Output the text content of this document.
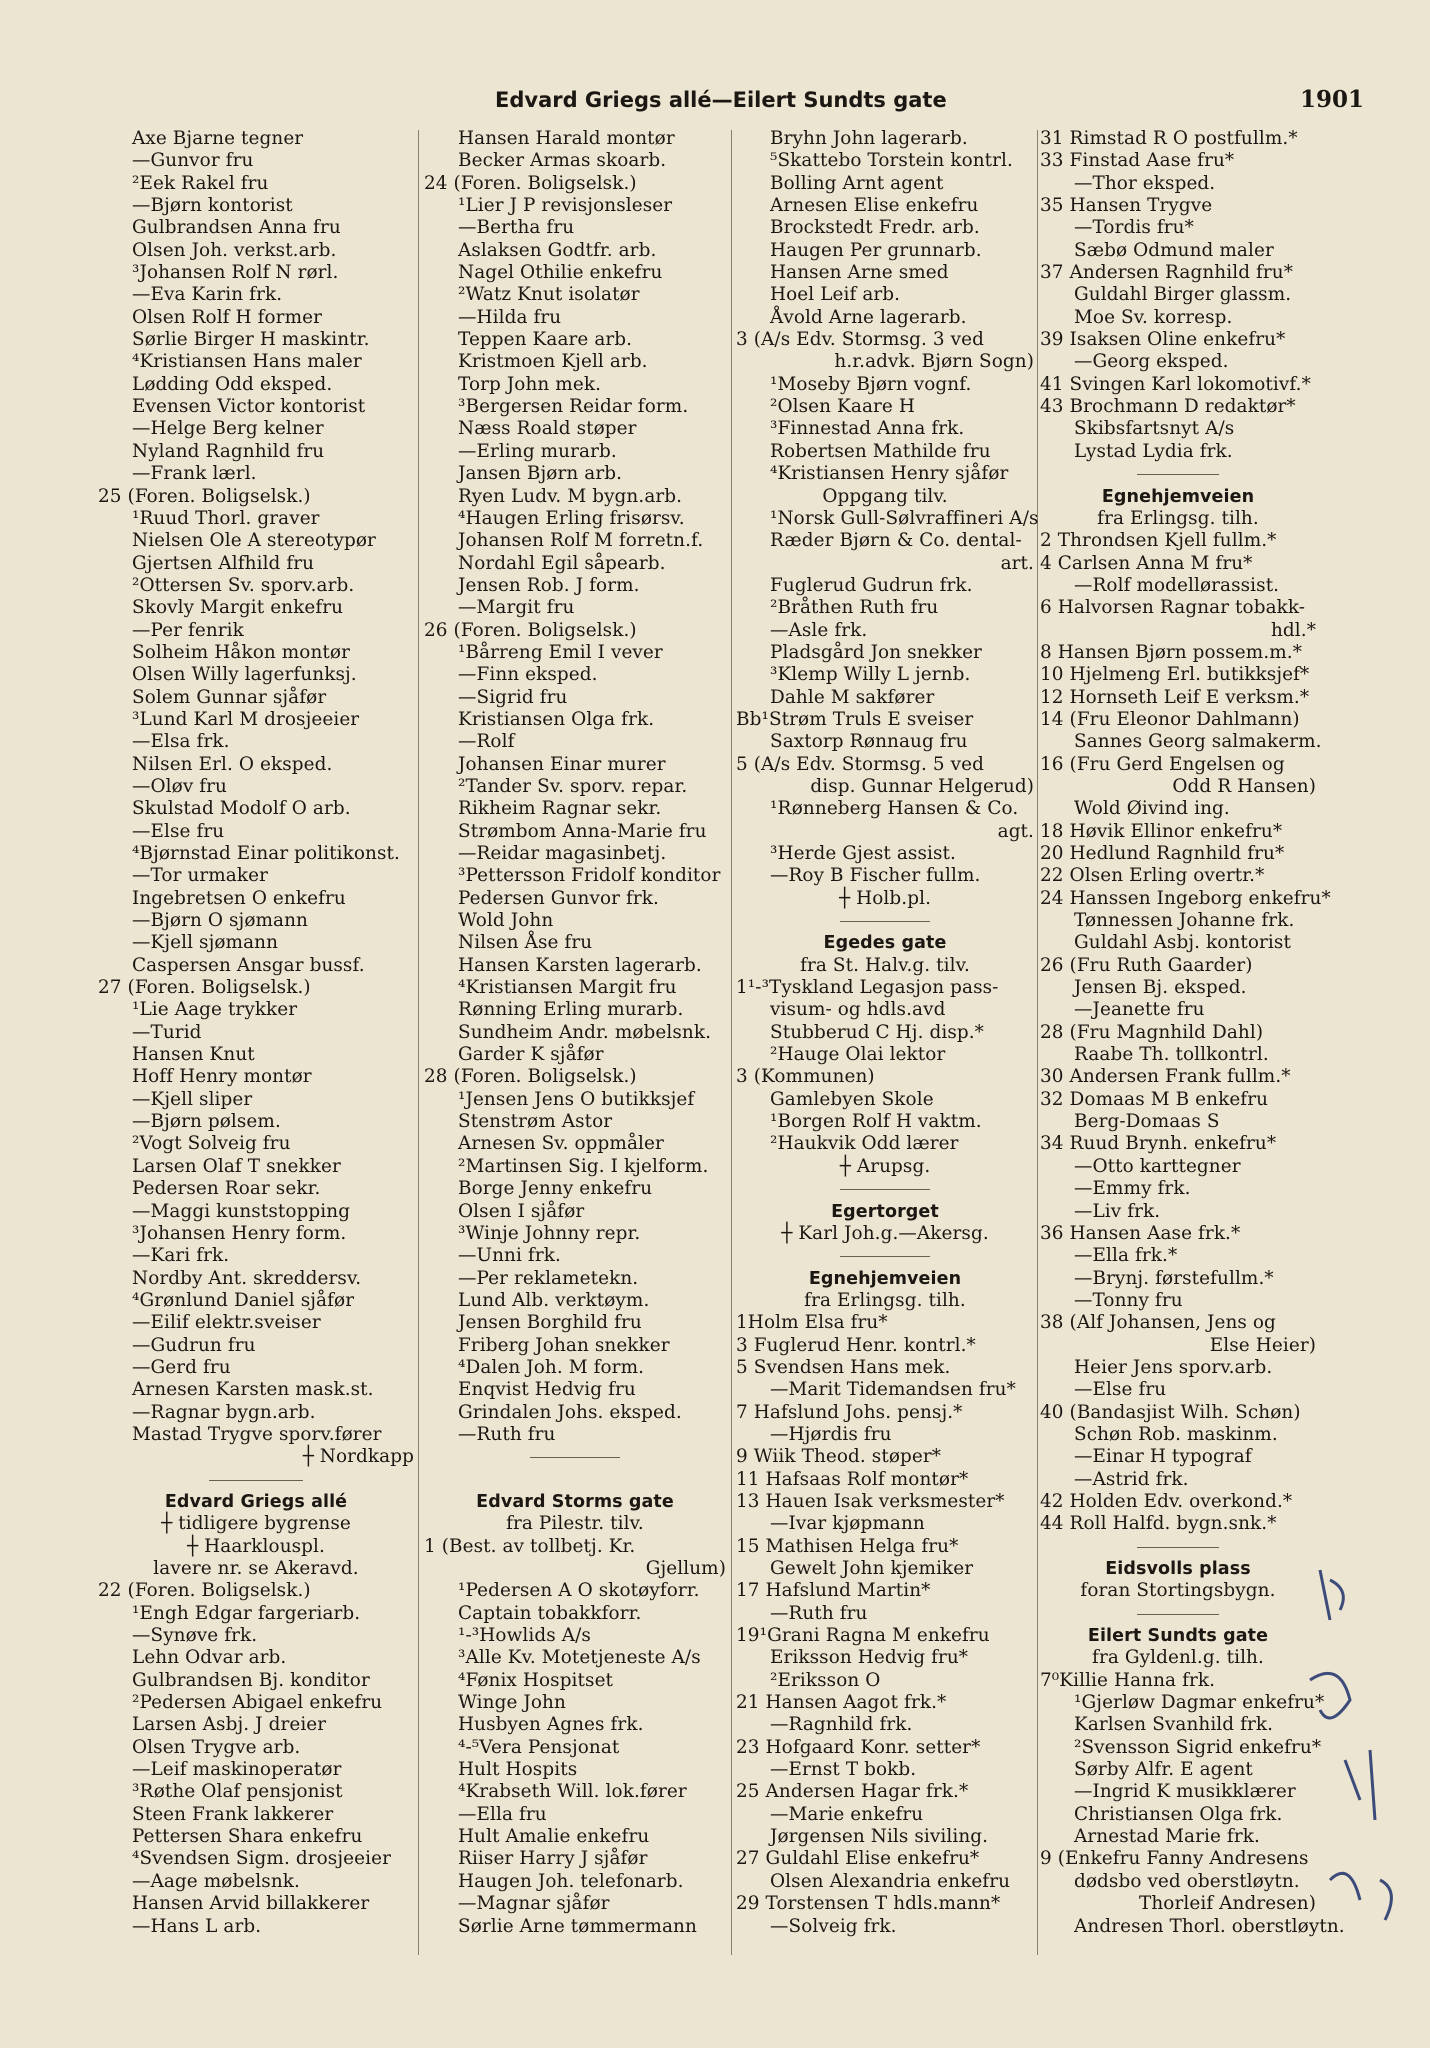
Edvard Griegs allé—Eilert Sundts gate	1901
Axe Bjarne tegner
—Gunvor fru
²Eek Rakel fru
—Bjørn kontorist
Gulbrandsen Anna fru
Olsen Joh. verkst.arb.
³Johansen Rolf N rørl.
—Eva Karin frk.
Olsen Rolf H former
Sørlie Birger H maskintr.
⁴Kristiansen Hans maler
Lødding Odd eksped.
Evensen Victor kontorist
—Helge Berg kelner
Nyland Ragnhild fru
—Frank lærl.
25 (Foren. Boligselsk.)
¹Ruud Thorl. graver
Nielsen Ole A stereotypør
Gjertsen Alfhild fru
²Ottersen Sv. sporv.arb.
Skovly Margit enkefru
—Per fenrik
Solheim Håkon montør
Olsen Willy lagerfunksj.
Solem Gunnar sjåfør
³Lund Karl M drosjeeier
—Elsa frk.
Nilsen Erl. O eksped.
—Oløv fru
Skulstad Modolf O arb.
—Else fru
⁴Bjørnstad Einar politikonst.
—Tor urmaker
Ingebretsen O enkefru
—Bjørn O sjømann
—Kjell sjømann
Caspersen Ansgar bussf.
27 (Foren. Boligselsk.)
¹Lie Aage trykker
—Turid
Hansen Knut
Hoff Henry montør
—Kjell sliper
—Bjørn pølsem.
²Vogt Solveig fru
Larsen Olaf T snekker
Pedersen Roar sekr.
—Maggi kunststopping
³Johansen Henry form.
—Kari frk.
Nordby Ant. skreddersv.
⁴Grønlund Daniel sjåfør
—Eilif elektr.sveiser
—Gudrun fru
—Gerd fru
Arnesen Karsten mask.st.
—Ragnar bygn.arb.
Mastad Trygve sporv.fører
┼ Nordkapp
Edvard Griegs allé
┼ tidligere bygrense
┼ Haarklouspl.
lavere nr. se Akeravd.
22 (Foren. Boligselsk.)
¹Engh Edgar fargeriarb.
—Synøve frk.
Lehn Odvar arb.
Gulbrandsen Bj. konditor
²Pedersen Abigael enkefru
Larsen Asbj. J dreier
Olsen Trygve arb.
—Leif maskinoperatør
³Røthe Olaf pensjonist
Steen Frank lakkerer
Pettersen Shara enkefru
⁴Svendsen Sigm. drosjeeier
—Aage møbelsnk.
Hansen Arvid billakkerer
—Hans L arb.
Hansen Harald montør
Becker Armas skoarb.
24 (Foren. Boligselsk.)
¹Lier J P revisjonsleser
—Bertha fru
Aslaksen Godtfr. arb.
Nagel Othilie enkefru
²Watz Knut isolatør
—Hilda fru
Teppen Kaare arb.
Kristmoen Kjell arb.
Torp John mek.
³Bergersen Reidar form.
Næss Roald støper
—Erling murarb.
Jansen Bjørn arb.
Ryen Ludv. M bygn.arb.
⁴Haugen Erling frisørsv.
Johansen Rolf M forretn.f.
Nordahl Egil såpearb.
Jensen Rob. J form.
—Margit fru
26 (Foren. Boligselsk.)
¹Bårreng Emil I vever
—Finn eksped.
—Sigrid fru
Kristiansen Olga frk.
—Rolf
Johansen Einar murer
²Tander Sv. sporv. repar.
Rikheim Ragnar sekr.
Strømbom Anna-Marie fru
—Reidar magasinbetj.
³Pettersson Fridolf konditor
Pedersen Gunvor frk.
Wold John
Nilsen Åse fru
Hansen Karsten lagerarb.
⁴Kristiansen Margit fru
Rønning Erling murarb.
Sundheim Andr. møbelsnk.
Garder K sjåfør
28 (Foren. Boligselsk.)
¹Jensen Jens O butikksjef
Stenstrøm Astor
Arnesen Sv. oppmåler
²Martinsen Sig. I kjelform.
Borge Jenny enkefru
Olsen I sjåfør
³Winje Johnny repr.
—Unni frk.
—Per reklametekn.
Lund Alb. verktøym.
Jensen Borghild fru
Friberg Johan snekker
⁴Dalen Joh. M form.
Enqvist Hedvig fru
Grindalen Johs. eksped.
—Ruth fru
Edvard Storms gate
fra Pilestr. tilv.
1 (Best. av tollbetj. Kr.
Gjellum)
¹Pedersen A O skotøyforr.
Captain tobakkforr.
¹-³Howlids A/s
³Alle Kv. Motetjeneste A/s
⁴Fønix Hospitset
Winge John
Husbyen Agnes frk.
⁴-⁵Vera Pensjonat
Hult Hospits
⁴Krabseth Will. lok.fører
—Ella fru
Hult Amalie enkefru
Riiser Harry J sjåfør
Haugen Joh. telefonarb.
—Magnar sjåfør
Sørlie Arne tømmermann
Bryhn John lagerarb.
⁵Skattebo Torstein kontrl.
Bolling Arnt agent
Arnesen Elise enkefru
Brockstedt Fredr. arb.
Haugen Per grunnarb.
Hansen Arne smed
Hoel Leif arb.
Åvold Arne lagerarb.
3 (A/s Edv. Stormsg. 3 ved
h.r.advk. Bjørn Sogn)
¹Moseby Bjørn vognf.
²Olsen Kaare H
³Finnestad Anna frk.
Robertsen Mathilde fru
⁴Kristiansen Henry sjåfør
Oppgang tilv.
¹Norsk Gull-Sølvraffineri A/s
Ræder Bjørn & Co. dental-
art.
Fuglerud Gudrun frk.
²Bråthen Ruth fru
—Asle frk.
Pladsgård Jon snekker
³Klemp Willy L jernb.
Dahle M sakfører
Bb¹Strøm Truls E sveiser
Saxtorp Rønnaug fru
5 (A/s Edv. Stormsg. 5 ved
disp. Gunnar Helgerud)
¹Rønneberg Hansen & Co.
agt.
³Herde Gjest assist.
—Roy B Fischer fullm.
┼ Holb.pl.
Egedes gate
fra St. Halv.g. tilv.
1¹-³Tyskland Legasjon pass-
visum- og hdls.avd
Stubberud C Hj. disp.*
²Hauge Olai lektor
3 (Kommunen)
Gamlebyen Skole
¹Borgen Rolf H vaktm.
²Haukvik Odd lærer
┼ Arupsg.
Egertorget
┼ Karl Joh.g.—Akersg.
Egnehjemveien
fra Erlingsg. tilh.
1Holm Elsa fru*
3 Fuglerud Henr. kontrl.*
5 Svendsen Hans mek.
—Marit Tidemandsen fru*
7 Hafslund Johs. pensj.*
—Hjørdis fru
9 Wiik Theod. støper*
11 Hafsaas Rolf montør*
13 Hauen Isak verksmester*
—Ivar kjøpmann
15 Mathisen Helga fru*
Gewelt John kjemiker
17 Hafslund Martin*
—Ruth fru
19¹Grani Ragna M enkefru
Eriksson Hedvig fru*
²Eriksson O
21 Hansen Aagot frk.*
—Ragnhild frk.
23 Hofgaard Konr. setter*
—Ernst T bokb.
25 Andersen Hagar frk.*
—Marie enkefru
Jørgensen Nils siviling.
27 Guldahl Elise enkefru*
Olsen Alexandria enkefru
29 Torstensen T hdls.mann*
—Solveig frk.
31 Rimstad R O postfullm.*
33 Finstad Aase fru*
—Thor eksped.
35 Hansen Trygve
—Tordis fru*
Sæbø Odmund maler
37 Andersen Ragnhild fru*
Guldahl Birger glassm.
Moe Sv. korresp.
39 Isaksen Oline enkefru*
—Georg eksped.
41 Svingen Karl lokomotivf.*
43 Brochmann D redaktør*
Skibsfartsnyt A/s
Lystad Lydia frk.
Egnehjemveien
fra Erlingsg. tilh.
2 Throndsen Kjell fullm.*
4 Carlsen Anna M fru*
—Rolf modellørassist.
6 Halvorsen Ragnar tobakk-
hdl.*
8 Hansen Bjørn possem.m.*
10 Hjelmeng Erl. butikksjef*
12 Hornseth Leif E verksm.*
14 (Fru Eleonor Dahlmann)
Sannes Georg salmakerm.
16 (Fru Gerd Engelsen og
Odd R Hansen)
Wold Øivind ing.
18 Høvik Ellinor enkefru*
20 Hedlund Ragnhild fru*
22 Olsen Erling overtr.*
24 Hanssen Ingeborg enkefru*
Tønnessen Johanne frk.
Guldahl Asbj. kontorist
26 (Fru Ruth Gaarder)
Jensen Bj. eksped.
—Jeanette fru
28 (Fru Magnhild Dahl)
Raabe Th. tollkontrl.
30 Andersen Frank fullm.*
32 Domaas M B enkefru
Berg-Domaas S
34 Ruud Brynh. enkefru*
—Otto karttegner
—Emmy frk.
—Liv frk.
36 Hansen Aase frk.*
—Ella frk.*
—Brynj. førstefullm.*
—Tonny fru
38 (Alf Johansen, Jens og
Else Heier)
Heier Jens sporv.arb.
—Else fru
40 (Bandasjist Wilh. Schøn)
Schøn Rob. maskinm.
—Einar H typograf
—Astrid frk.
42 Holden Edv. overkond.*
44 Roll Halfd. bygn.snk.*
Eidsvolls plass
foran Stortingsbygn.
Eilert Sundts gate
fra Gyldenl.g. tilh.
7⁰Killie Hanna frk.
¹Gjerløw Dagmar enkefru*
Karlsen Svanhild frk.
²Svensson Sigrid enkefru*
Sørby Alfr. E agent
—Ingrid K musikklærer
Christiansen Olga frk.
Arnestad Marie frk.
9 (Enkefru Fanny Andresens
dødsbo ved oberstløytn.
Thorleif Andresen)
Andresen Thorl. oberstløytn.
